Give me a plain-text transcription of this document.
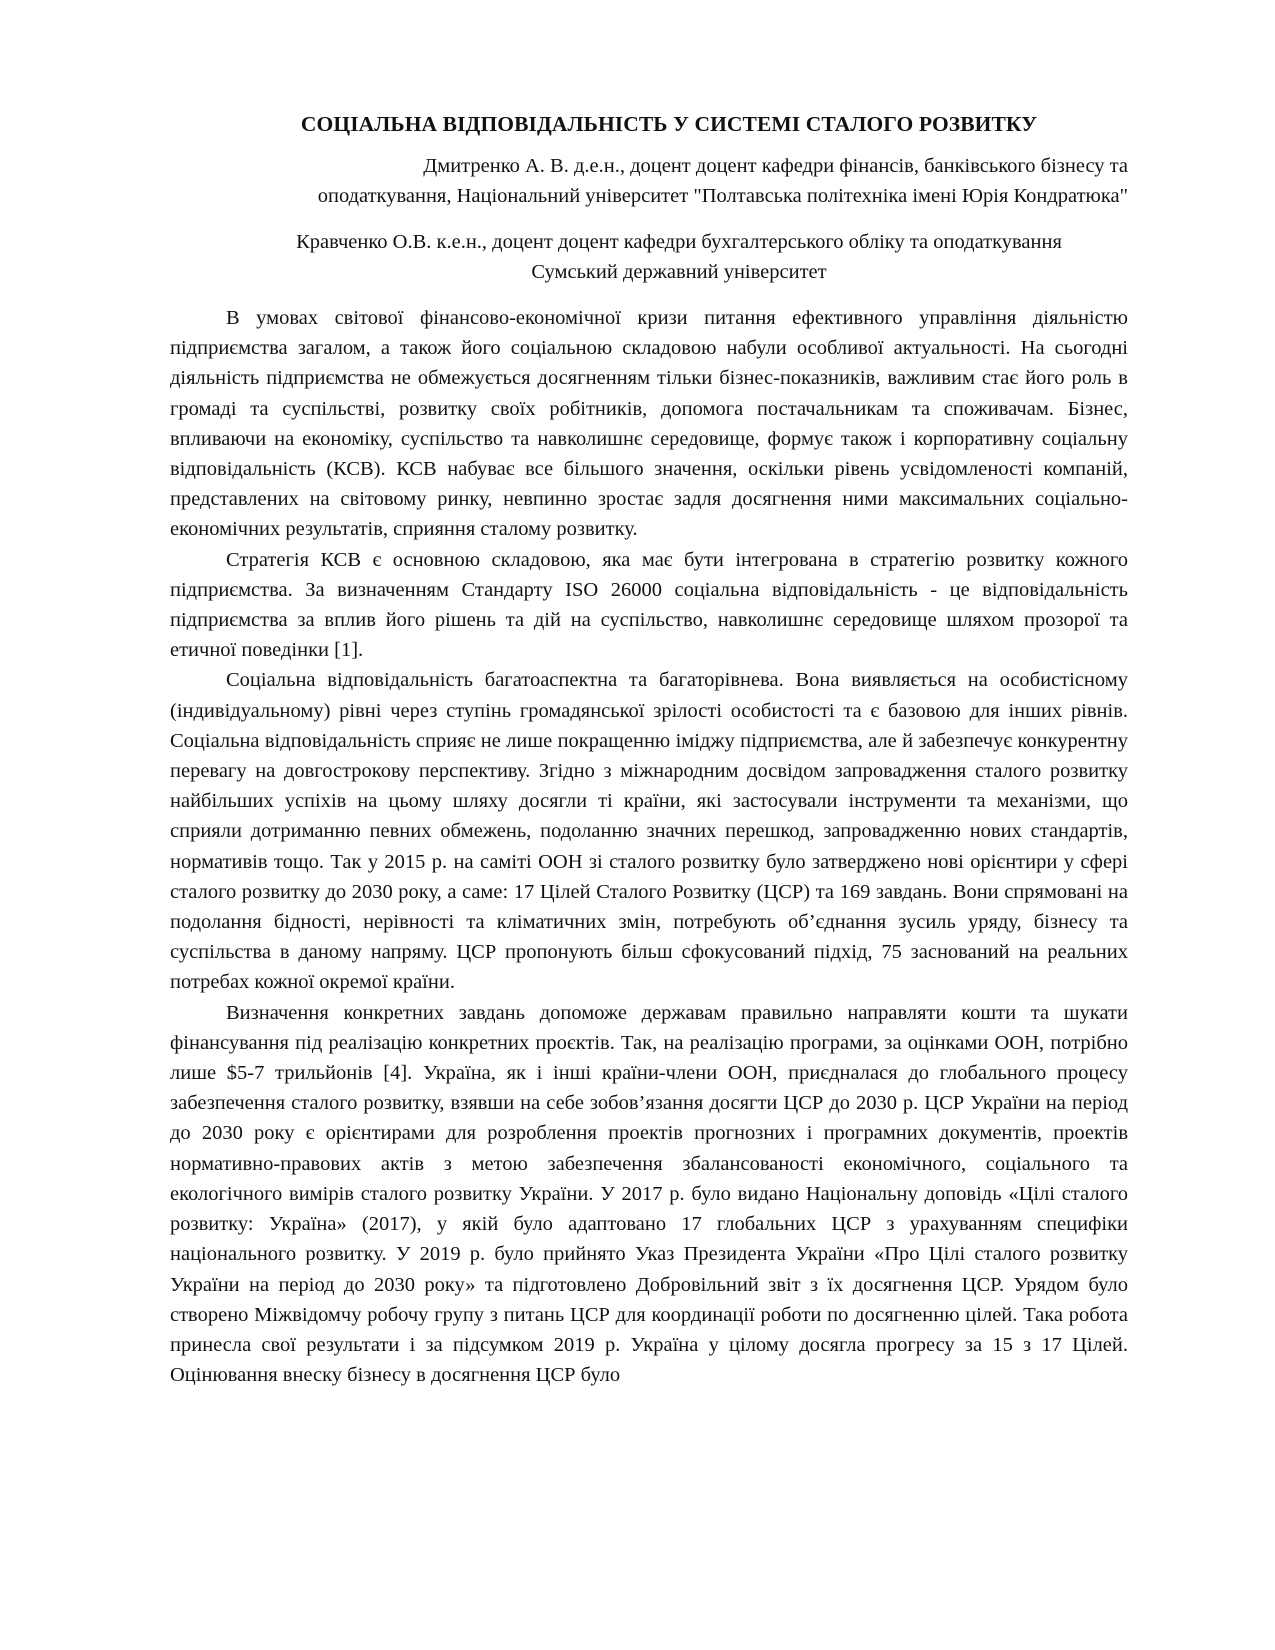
СОЦІАЛЬНА ВІДПОВІДАЛЬНІСТЬ У СИСТЕМІ СТАЛОГО РОЗВИТКУ
Дмитренко А. В. д.е.н., доцент доцент кафедри фінансів, банківського бізнесу та
оподаткування, Національний університет "Полтавська політехніка імені Юрія Кондратюка"
Кравченко О.В. к.е.н., доцент доцент кафедри бухгалтерського обліку та оподаткування
Сумський державний університет

В умовах світової фінансово-економічної кризи питання ефективного управління діяльністю підприємства загалом, а також його соціальною складовою набули особливої актуальності. На сьогодні діяльність підприємства не обмежується досягненням тільки бізнес-показників, важливим стає його роль в громаді та суспільстві, розвитку своїх робітників, допомога постачальникам та споживачам. Бізнес, впливаючи на економіку, суспільство та навколишнє середовище, формує також і корпоративну соціальну відповідальність (КСВ). КСВ набуває все більшого значення, оскільки рівень усвідомленості компаній, представлених на світовому ринку, невпинно зростає задля досягнення ними максимальних соціально-економічних результатів, сприяння сталому розвитку.

Стратегія КСВ є основною складовою, яка має бути інтегрована в стратегію розвитку кожного підприємства. За визначенням Стандарту ISO 26000 соціальна відповідальність - це відповідальність підприємства за вплив його рішень та дій на суспільство, навколишнє середовище шляхом прозорої та етичної поведінки [1].

Соціальна відповідальність багатоаспектна та багаторівнева. Вона виявляється на особистісному (індивідуальному) рівні через ступінь громадянської зрілості особистості та є базовою для інших рівнів. Соціальна відповідальність сприяє не лише покращенню іміджу підприємства, але й забезпечує конкурентну перевагу на довгострокову перспективу. Згідно з міжнародним досвідом запровадження сталого розвитку найбільших успіхів на цьому шляху досягли ті країни, які застосували інструменти та механізми, що сприяли дотриманню певних обмежень, подоланню значних перешкод, запровадженню нових стандартів, нормативів тощо. Так у 2015 р. на саміті ООН зі сталого розвитку було затверджено нові орієнтири у сфері сталого розвитку до 2030 року, а саме: 17 Цілей Сталого Розвитку (ЦСР) та 169 завдань. Вони спрямовані на подолання бідності, нерівності та кліматичних змін, потребують об’єднання зусиль уряду, бізнесу та суспільства в даному напряму. ЦСР пропонують більш сфокусований підхід, 75 заснований на реальних потребах кожної окремої країни.

Визначення конкретних завдань допоможе державам правильно направляти кошти та шукати фінансування під реалізацію конкретних проєктів. Так, на реалізацію програми, за оцінками ООН, потрібно лише $5-7 трильйонів [4]. Україна, як і інші країни-члени ООН, приєдналася до глобального процесу забезпечення сталого розвитку, взявши на себе зобов’язання досягти ЦСР до 2030 р. ЦСР України на період до 2030 року є орієнтирами для розроблення проектів прогнозних і програмних документів, проектів нормативно-правових актів з метою забезпечення збалансованості економічного, соціального та екологічного вимірів сталого розвитку України. У 2017 р. було видано Національну доповідь «Цілі сталого розвитку: Україна» (2017), у якій було адаптовано 17 глобальних ЦСР з урахуванням специфіки національного розвитку. У 2019 р. було прийнято Указ Президента України «Про Цілі сталого розвитку України на період до 2030 року» та підготовлено Добровільний звіт з їх досягнення ЦСР. Урядом було створено Міжвідомчу робочу групу з питань ЦСР для координації роботи по досягненню цілей. Така робота принесла свої результати і за підсумком 2019 р. Україна у цілому досягла прогресу за 15 з 17 Цілей. Оцінювання внеску бізнесу в досягнення ЦСР було
